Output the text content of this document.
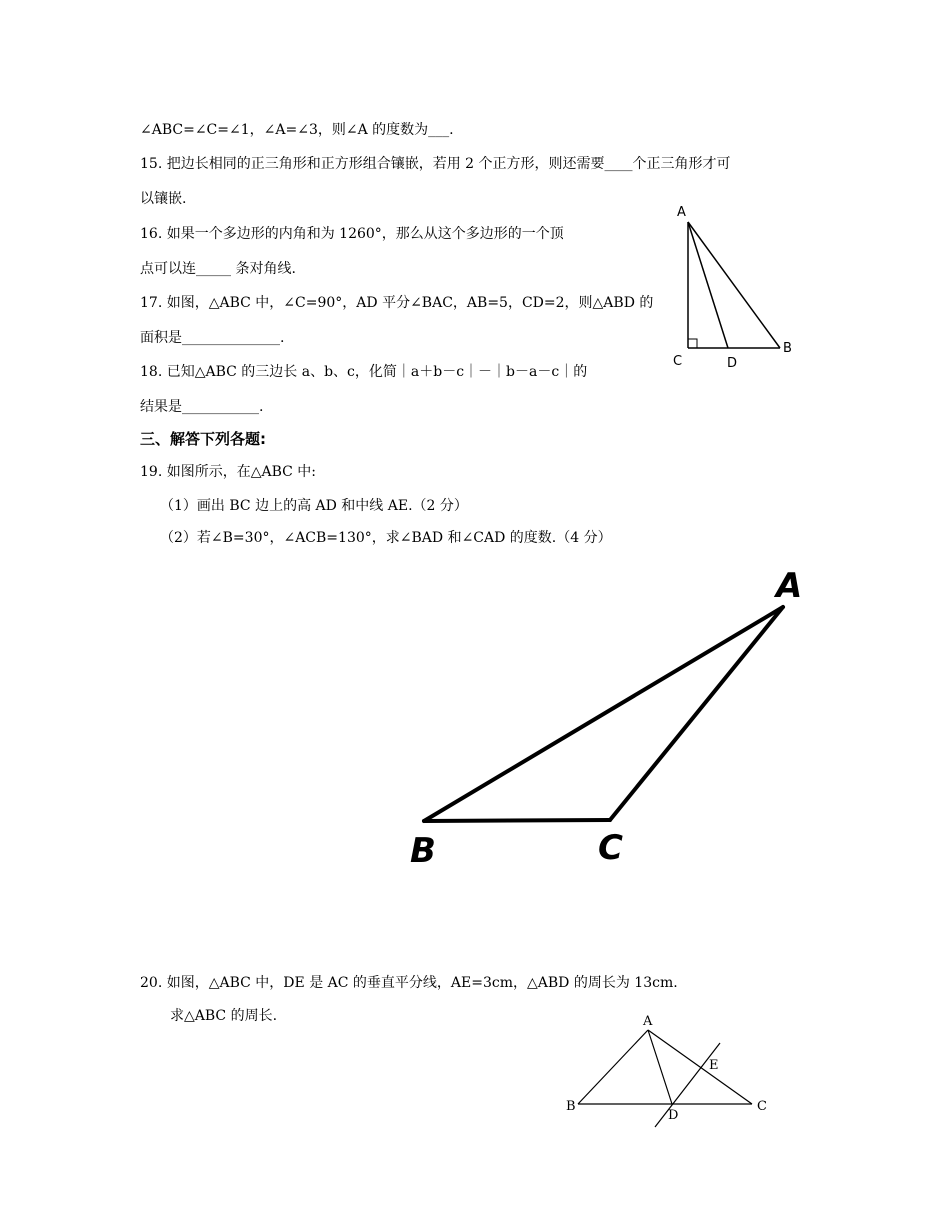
∠ABC=∠C=∠1，∠A=∠3，则∠A 的度数为___.
15. 把边长相同的正三角形和正方形组合镶嵌，若用 2 个正方形，则还需要____个正三角形才可
以镶嵌.
16. 如果一个多边形的内角和为 1260°，那么从这个多边形的一个顶
点可以连_____ 条对角线.
17. 如图，△ABC 中，∠C=90°，AD 平分∠BAC，AB=5，CD=2，则△ABD 的
面积是______________.
18. 已知△ABC 的三边长 a、b、c，化简｜a＋b－c｜－｜b－a－c｜的
结果是___________.
三、解答下列各题:
19. 如图所示，在△ABC 中:
（1）画出 BC 边上的高 AD 和中线 AE.（2 分）
（2）若∠B=30°，∠ACB=130°，求∠BAD 和∠CAD 的度数.（4 分）
20. 如图，△ABC 中，DE 是 AC 的垂直平分线，AE=3cm，△ABD 的周长为 13cm.
求△ABC 的周长.
A
B
C	D
A
B	C
A
B	C
D
E
